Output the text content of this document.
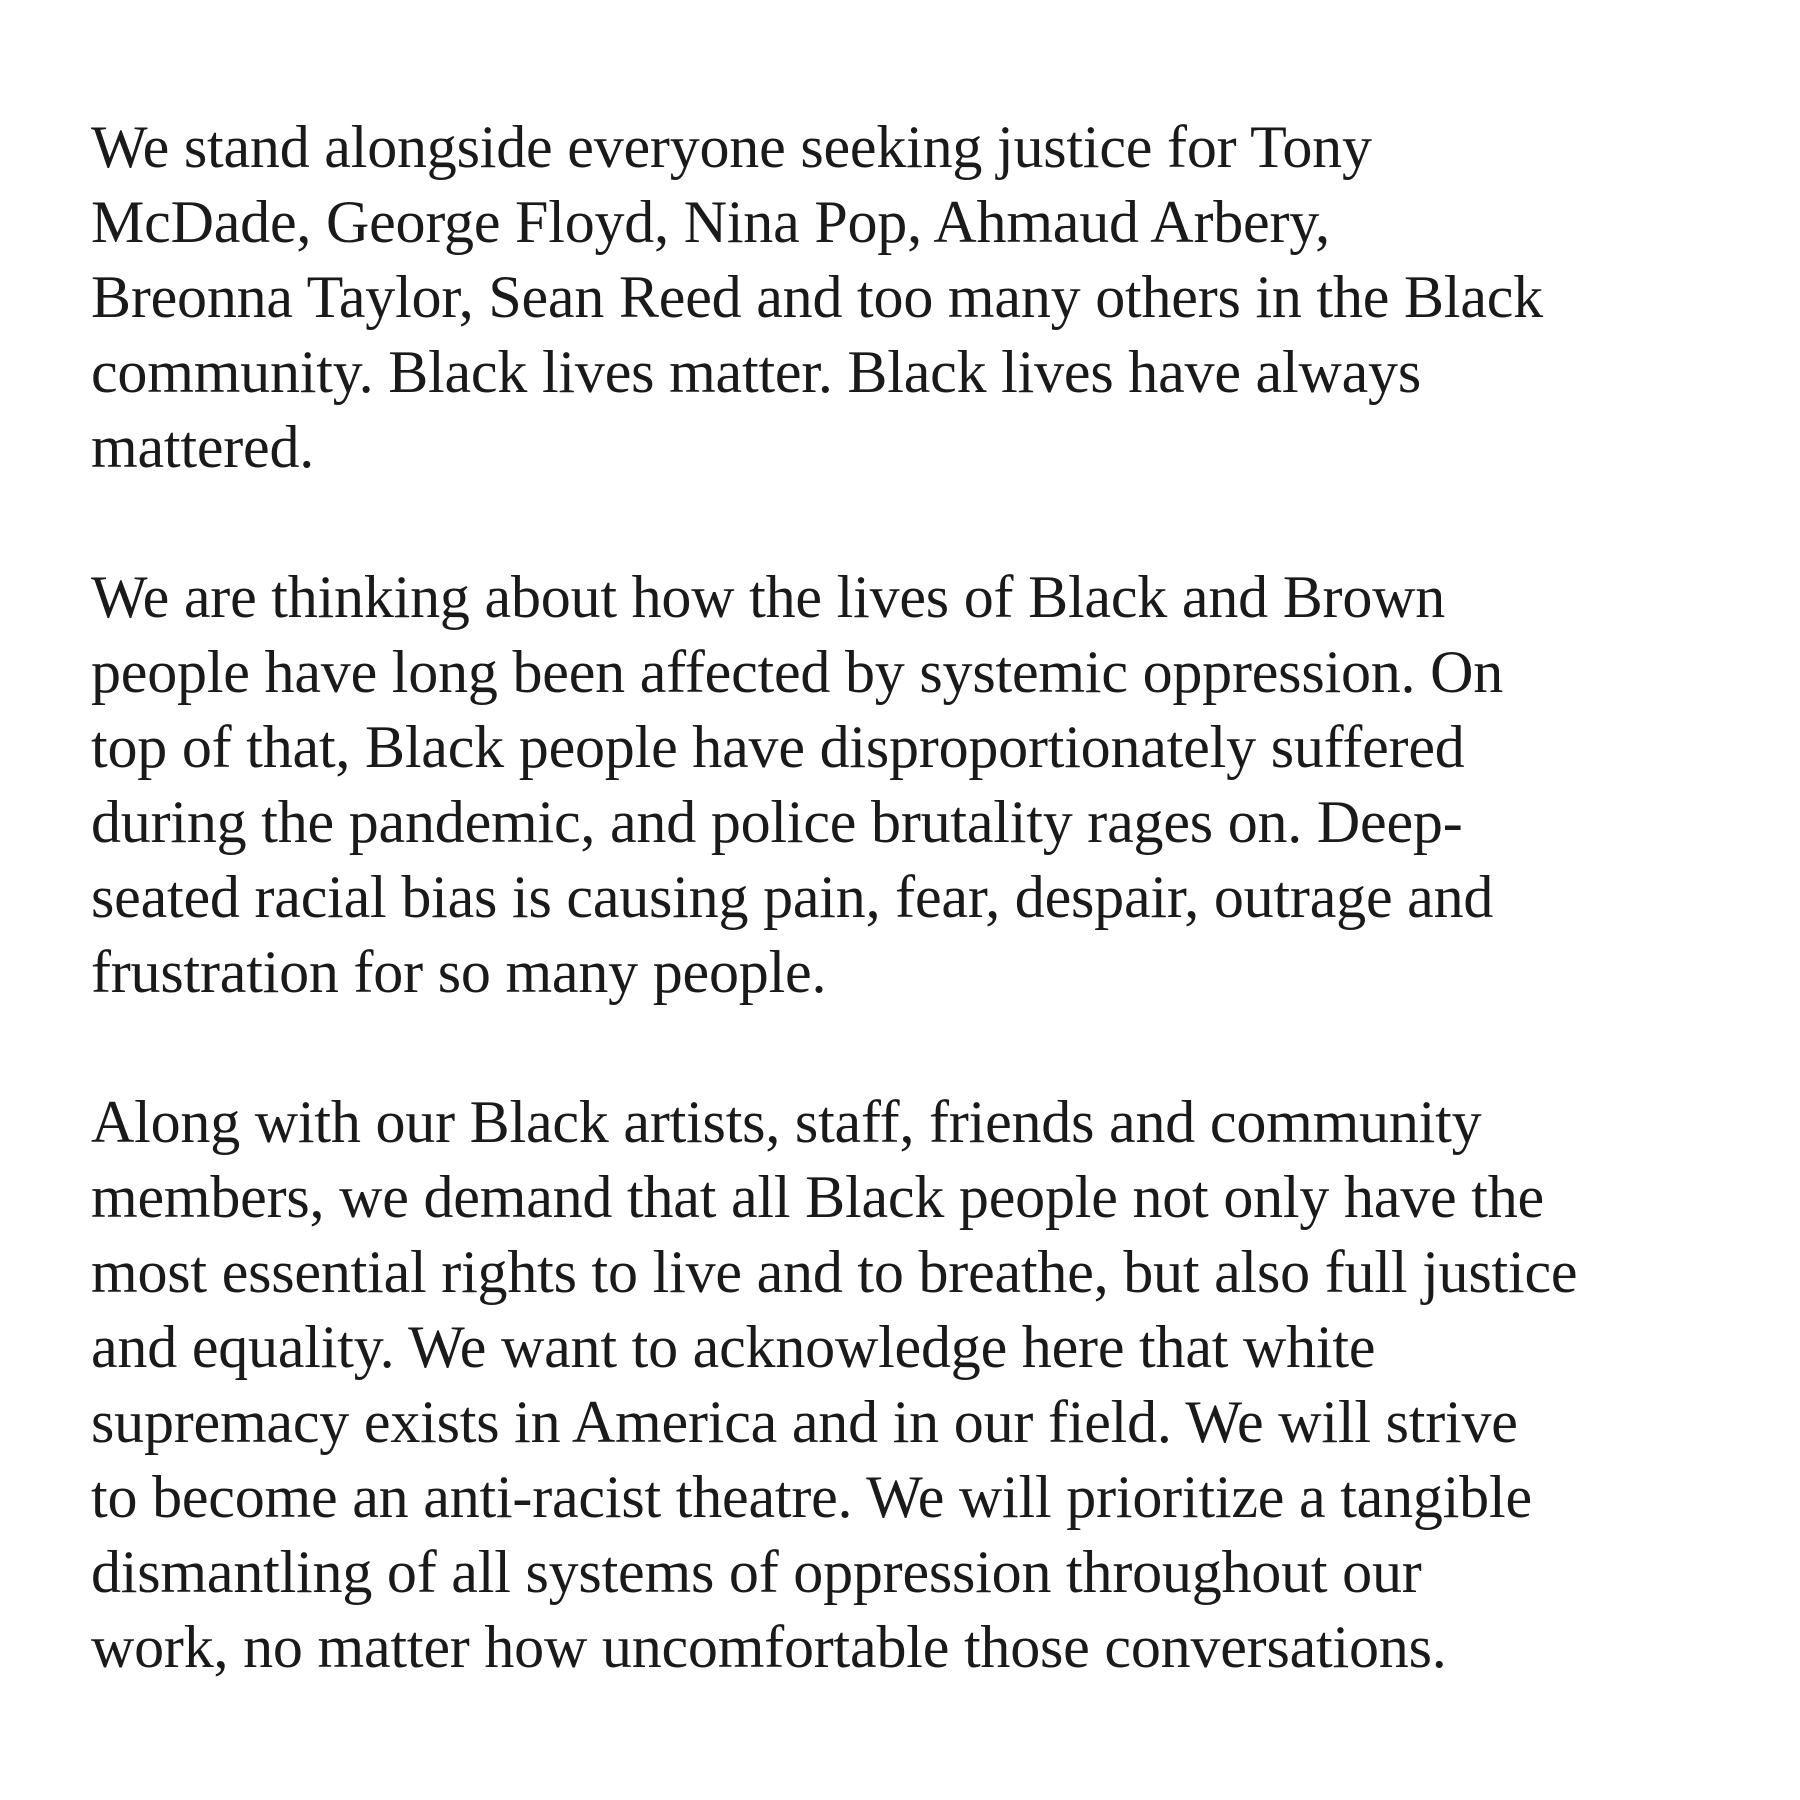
We stand alongside everyone seeking justice for Tony
McDade, George Floyd, Nina Pop, Ahmaud Arbery,
Breonna Taylor, Sean Reed and too many others in the Black
community. Black lives matter. Black lives have always
mattered.

We are thinking about how the lives of Black and Brown
people have long been affected by systemic oppression. On
top of that, Black people have disproportionately suffered
during the pandemic, and police brutality rages on. Deep-
seated racial bias is causing pain, fear, despair, outrage and
frustration for so many people.

Along with our Black artists, staff, friends and community
members, we demand that all Black people not only have the
most essential rights to live and to breathe, but also full justice
and equality. We want to acknowledge here that white
supremacy exists in America and in our field. We will strive
to become an anti-racist theatre. We will prioritize a tangible
dismantling of all systems of oppression throughout our
work, no matter how uncomfortable those conversations.
